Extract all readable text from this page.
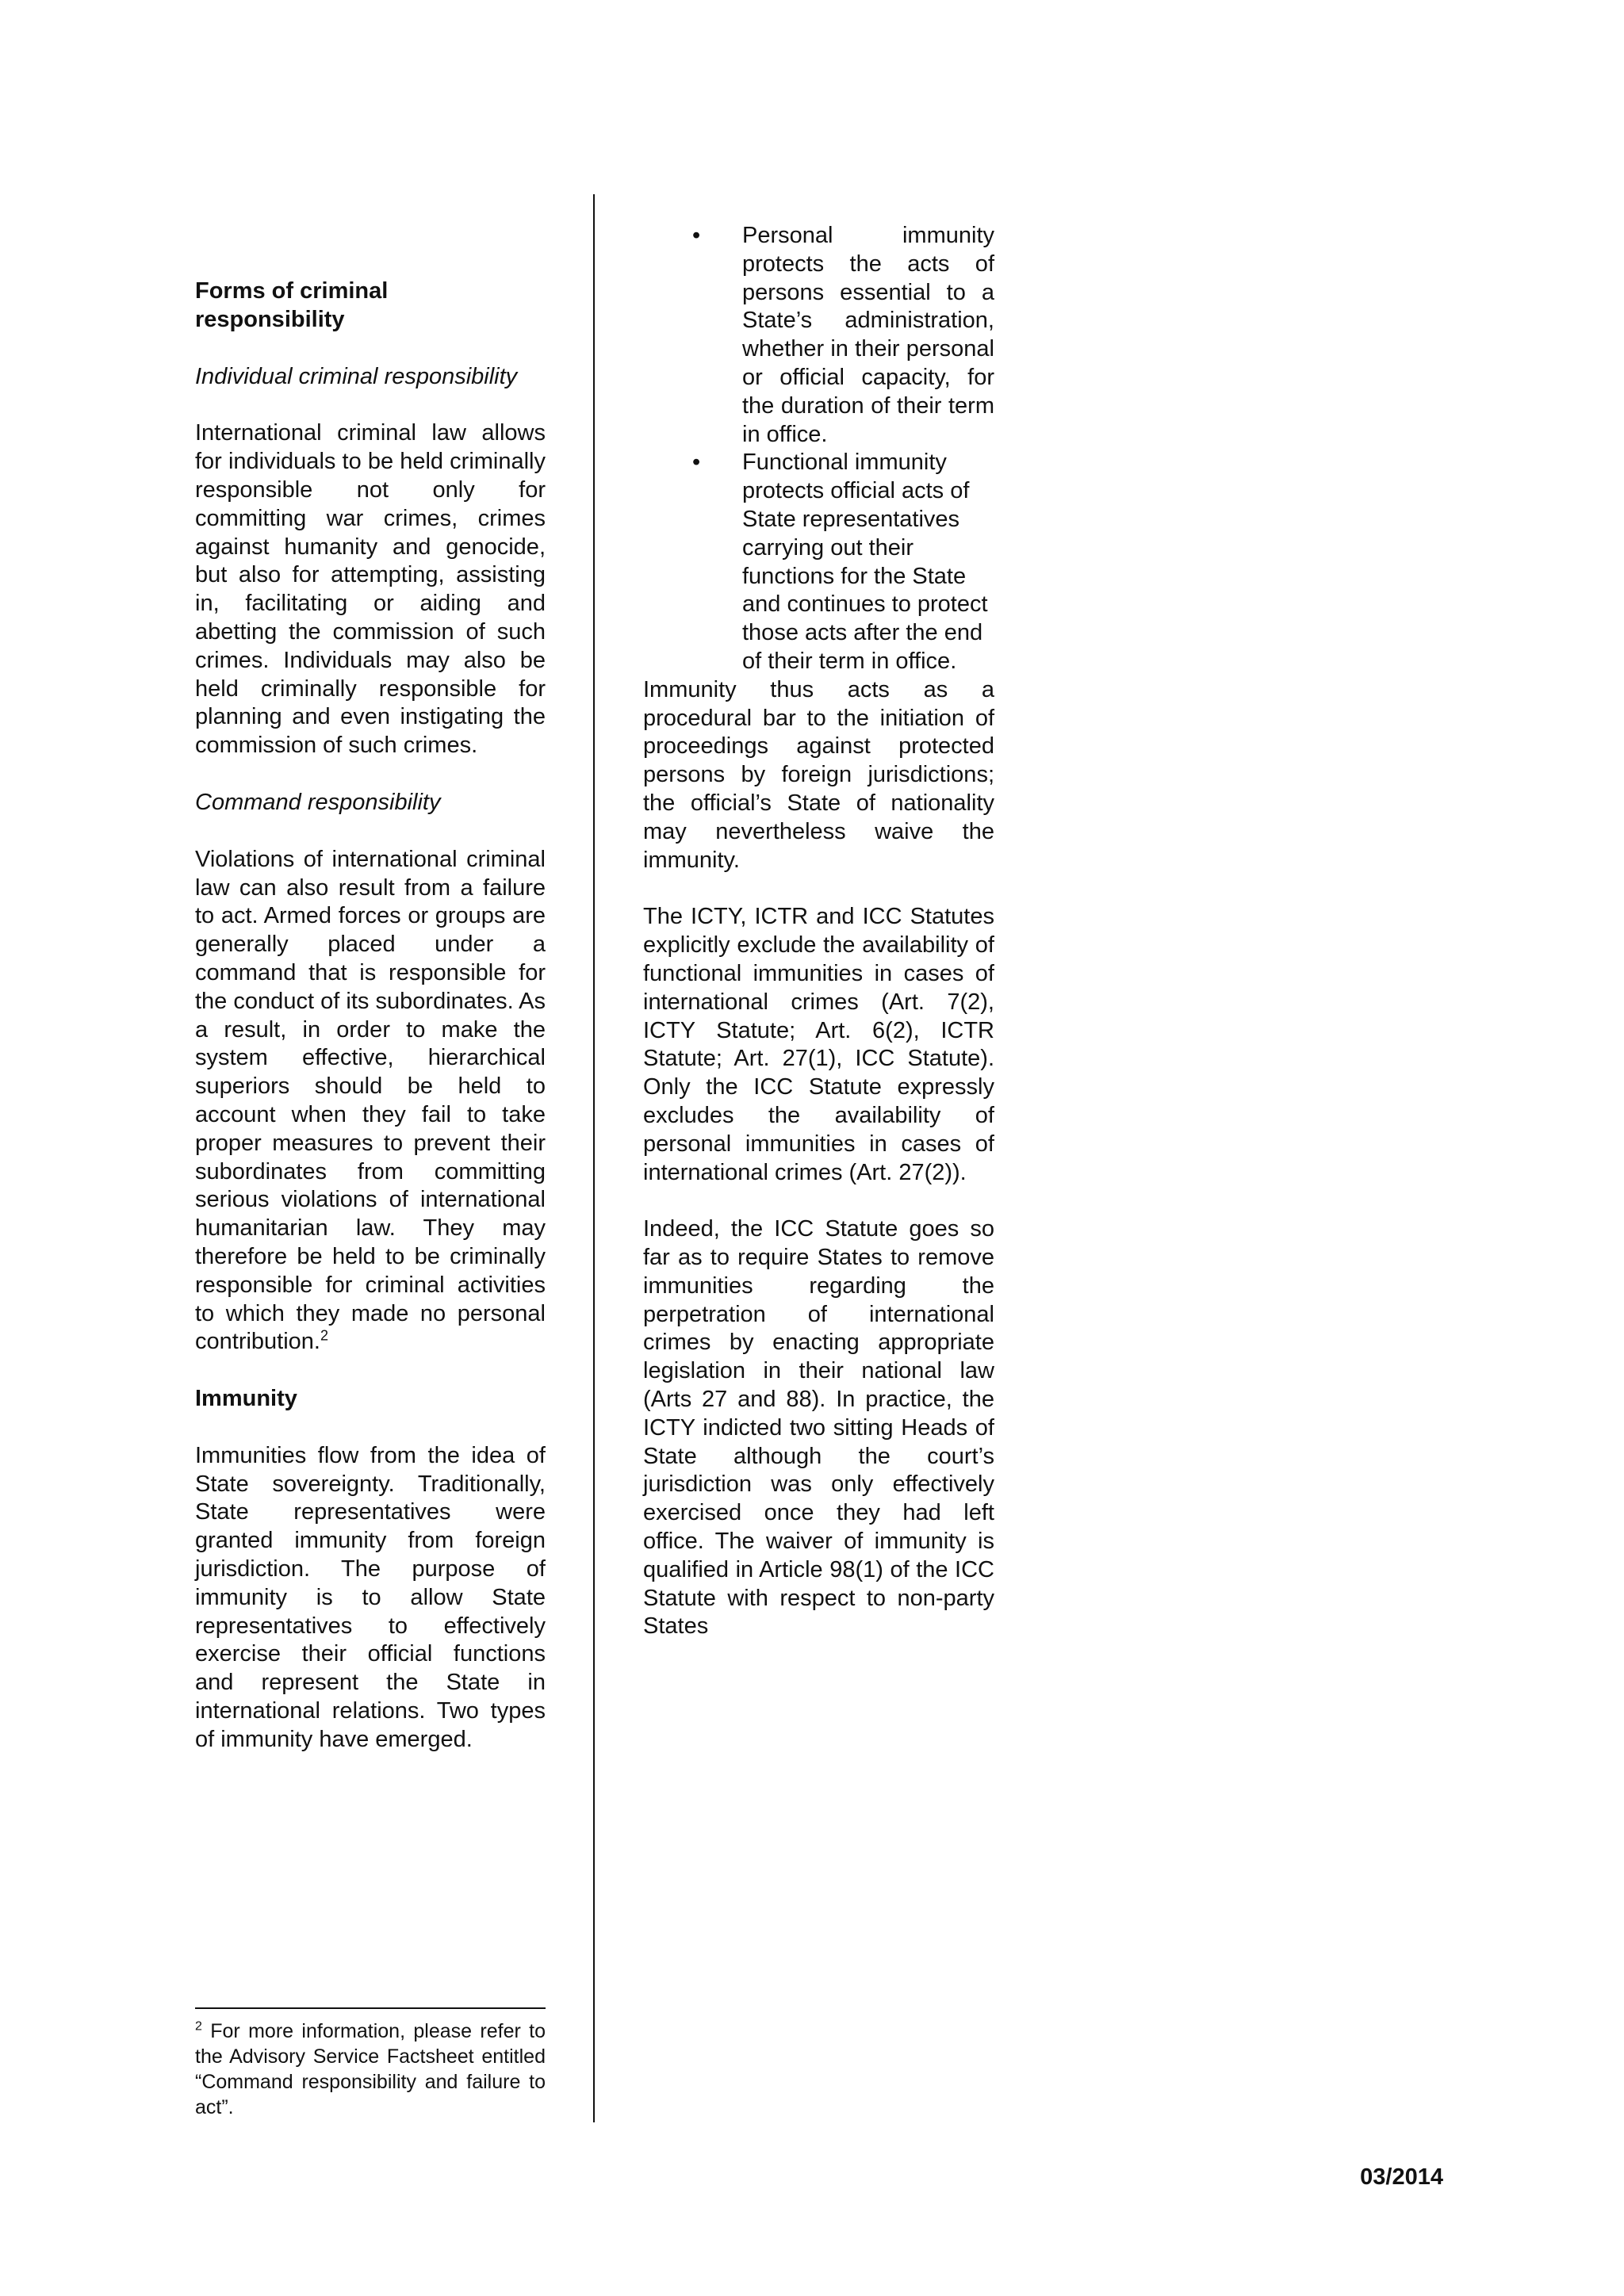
Forms of criminal responsibility
Individual criminal responsibility
International criminal law allows for individuals to be held criminally responsible not only for committing war crimes, crimes against humanity and genocide, but also for attempting, assisting in, facilitating or aiding and abetting the commission of such crimes. Individuals may also be held criminally responsible for planning and even instigating the commission of such crimes.
Command responsibility
Violations of international criminal law can also result from a failure to act. Armed forces or groups are generally placed under a command that is responsible for the conduct of its subordinates. As a result, in order to make the system effective, hierarchical superiors should be held to account when they fail to take proper measures to prevent their subordinates from committing serious violations of international humanitarian law. They may therefore be held to be criminally responsible for criminal activities to which they made no personal contribution.$^2$
Immunity
Immunities flow from the idea of State sovereignty. Traditionally, State representatives were granted immunity from foreign jurisdiction. The purpose of immunity is to allow State representatives to effectively exercise their official functions and represent the State in international relations. Two types of immunity have emerged.
• Personal immunity protects the acts of persons essential to a State’s administration, whether in their personal or official capacity, for the duration of their term in office.
• Functional immunity protects official acts of State representatives carrying out their functions for the State and continues to protect those acts after the end of their term in office.
Immunity thus acts as a procedural bar to the initiation of proceedings against protected persons by foreign jurisdictions; the official’s State of nationality may nevertheless waive the immunity.
The ICTY, ICTR and ICC Statutes explicitly exclude the availability of functional immunities in cases of international crimes (Art. 7(2), ICTY Statute; Art. 6(2), ICTR Statute; Art. 27(1), ICC Statute). Only the ICC Statute expressly excludes the availability of personal immunities in cases of international crimes (Art. 27(2)).
Indeed, the ICC Statute goes so far as to require States to remove immunities regarding the perpetration of international crimes by enacting appropriate legislation in their national law (Arts 27 and 88). In practice, the ICTY indicted two sitting Heads of State although the court’s jurisdiction was only effectively exercised once they had left office. The waiver of immunity is qualified in Article 98(1) of the ICC Statute with respect to non-party States
$^2$ For more information, please refer to the Advisory Service Factsheet entitled “Command responsibility and failure to act”.
03/2014
